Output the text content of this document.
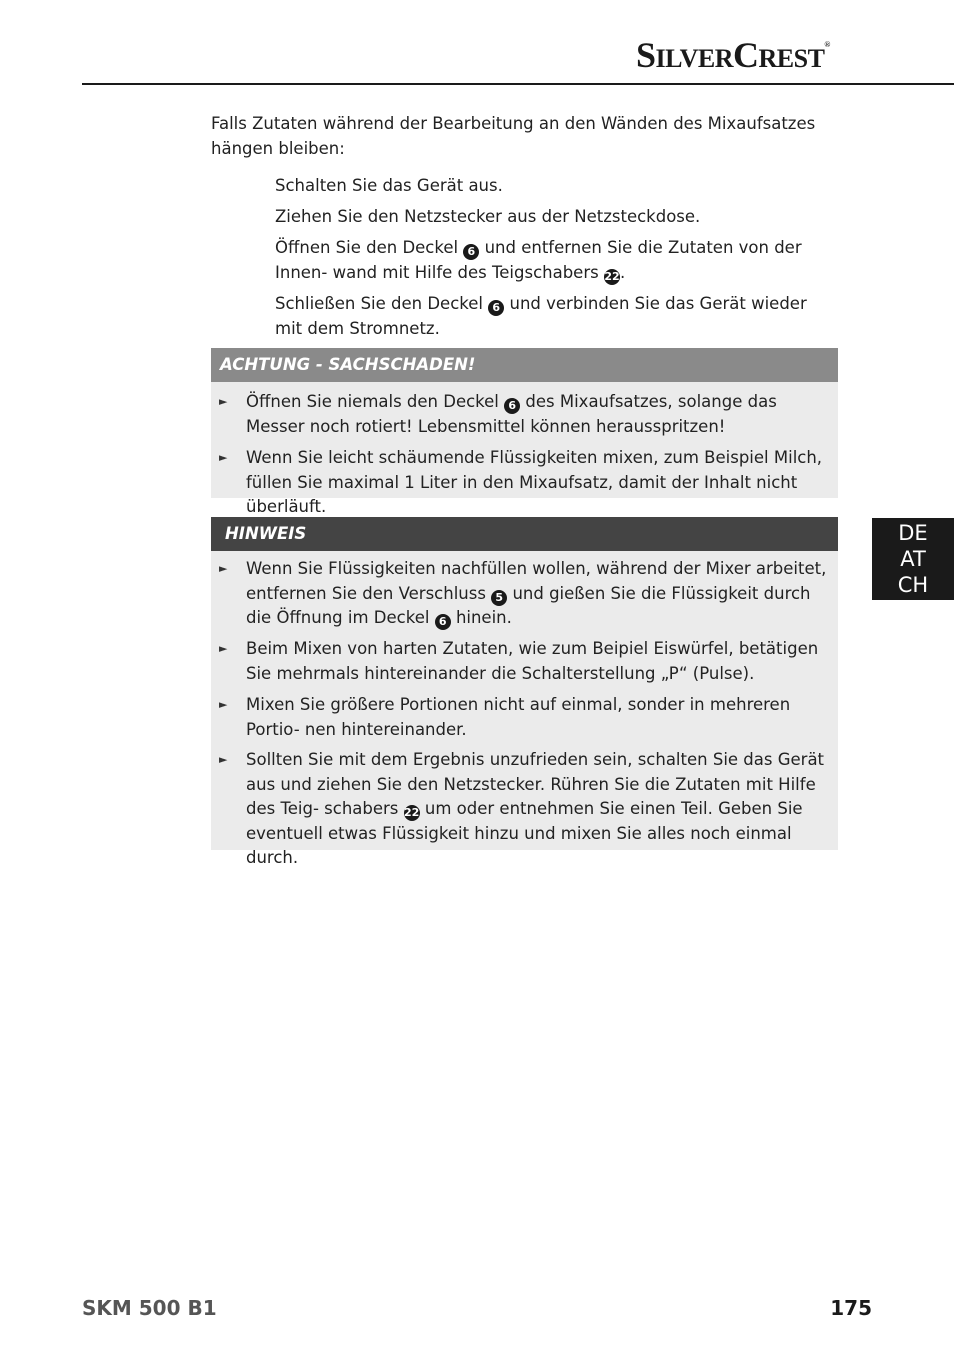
SILVERCREST®

Falls Zutaten während der Bearbeitung an den Wänden des Mixaufsatzes hängen bleiben:

Schalten Sie das Gerät aus.

Ziehen Sie den Netzstecker aus der Netzsteckdose.

Öffnen Sie den Deckel 6 und entfernen Sie die Zutaten von der Innen- wand mit Hilfe des Teigschabers 22.

Schließen Sie den Deckel 6 und verbinden Sie das Gerät wieder mit dem Stromnetz.

ACHTUNG - SACHSCHADEN!
► Öffnen Sie niemals den Deckel 6 des Mixaufsatzes, solange das Messer noch rotiert! Lebensmittel können herausspritzen!
► Wenn Sie leicht schäumende Flüssigkeiten mixen, zum Beispiel Milch, füllen Sie maximal 1 Liter in den Mixaufsatz, damit der Inhalt nicht überläuft.
HINWEIS
► Wenn Sie Flüssigkeiten nachfüllen wollen, während der Mixer arbeitet, entfernen Sie den Verschluss 5 und gießen Sie die Flüssigkeit durch die Öffnung im Deckel 6 hinein.
► Beim Mixen von harten Zutaten, wie zum Beipiel Eiswürfel, betätigen Sie mehrmals hintereinander die Schalterstellung „P“ (Pulse).
► Mixen Sie größere Portionen nicht auf einmal, sonder in mehreren Portio- nen hintereinander.
► Sollten Sie mit dem Ergebnis unzufrieden sein, schalten Sie das Gerät aus und ziehen Sie den Netzstecker. Rühren Sie die Zutaten mit Hilfe des Teig- schabers 22 um oder entnehmen Sie einen Teil. Geben Sie eventuell etwas Flüssigkeit hinzu und mixen Sie alles noch einmal durch.
DE
AT
CH
SKM 500 B1	175
